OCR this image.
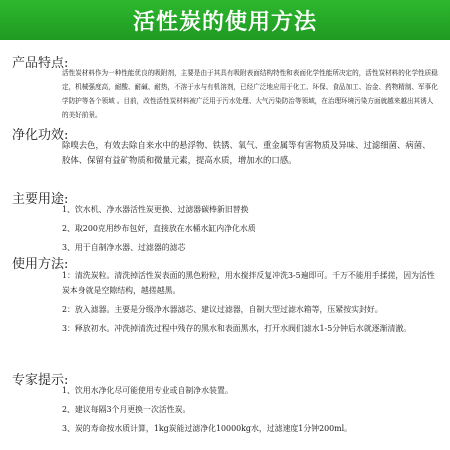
活性炭的使用方法
产品特点:

活性炭材料作为一种性能优良的吸附剂，主要是由于其具有吸附表面结构特性和表面化学性能所决定的，活性炭材料的化学性质稳定，机械强度高，耐酸、耐碱、耐热，不溶于水与有机溶剂，已经广泛地应用于化工、环保、食品加工、冶金、药物精制、军事化学防护等各个领域 。目前，改性活性炭材料被广泛用于污水处理、大气污染防治等领域，在治理环境污染方面就越来越出其诱人的美好前景。

净化功效:

除嗅去色，有效去除自来水中的悬浮物、铁锈、氧气、重金属等有害物质及异味、过滤细菌、病菌、胶体、保留有益矿物质和微量元素，提高水质，增加水的口感。

主要用途:
1、饮水机、净水器活性炭更换、过滤器碳棒新旧替换
2、取200克用纱布包好，直接放在水桶水缸内净化水质
3、用于自制净水器、过滤器的滤芯
使用方法:
1：清洗炭粒。清洗掉活性炭表面的黑色粉粒，用水搅拌反复冲洗3-5遍即可。千万不能用手揉搓，因为活性炭本身就是空隙结构，越搓越黑。
2：放入滤器。主要是分级净水器滤芯、建议过滤器，自制大型过滤水箱等，压紧按实封好。
3：释放初水。冲洗掉清洗过程中残存的黑水和表面黑水，打开水阀们滤水1-5分钟后水就逐渐清澈。
专家提示:
1、饮用水净化尽可能使用专业或自制净水装置。
2、建议每隔3个月更换一次活性炭。
3、炭的寿命按水质计算，1kg炭能过滤净化10000kg水，过滤速度1分钟200ml。
